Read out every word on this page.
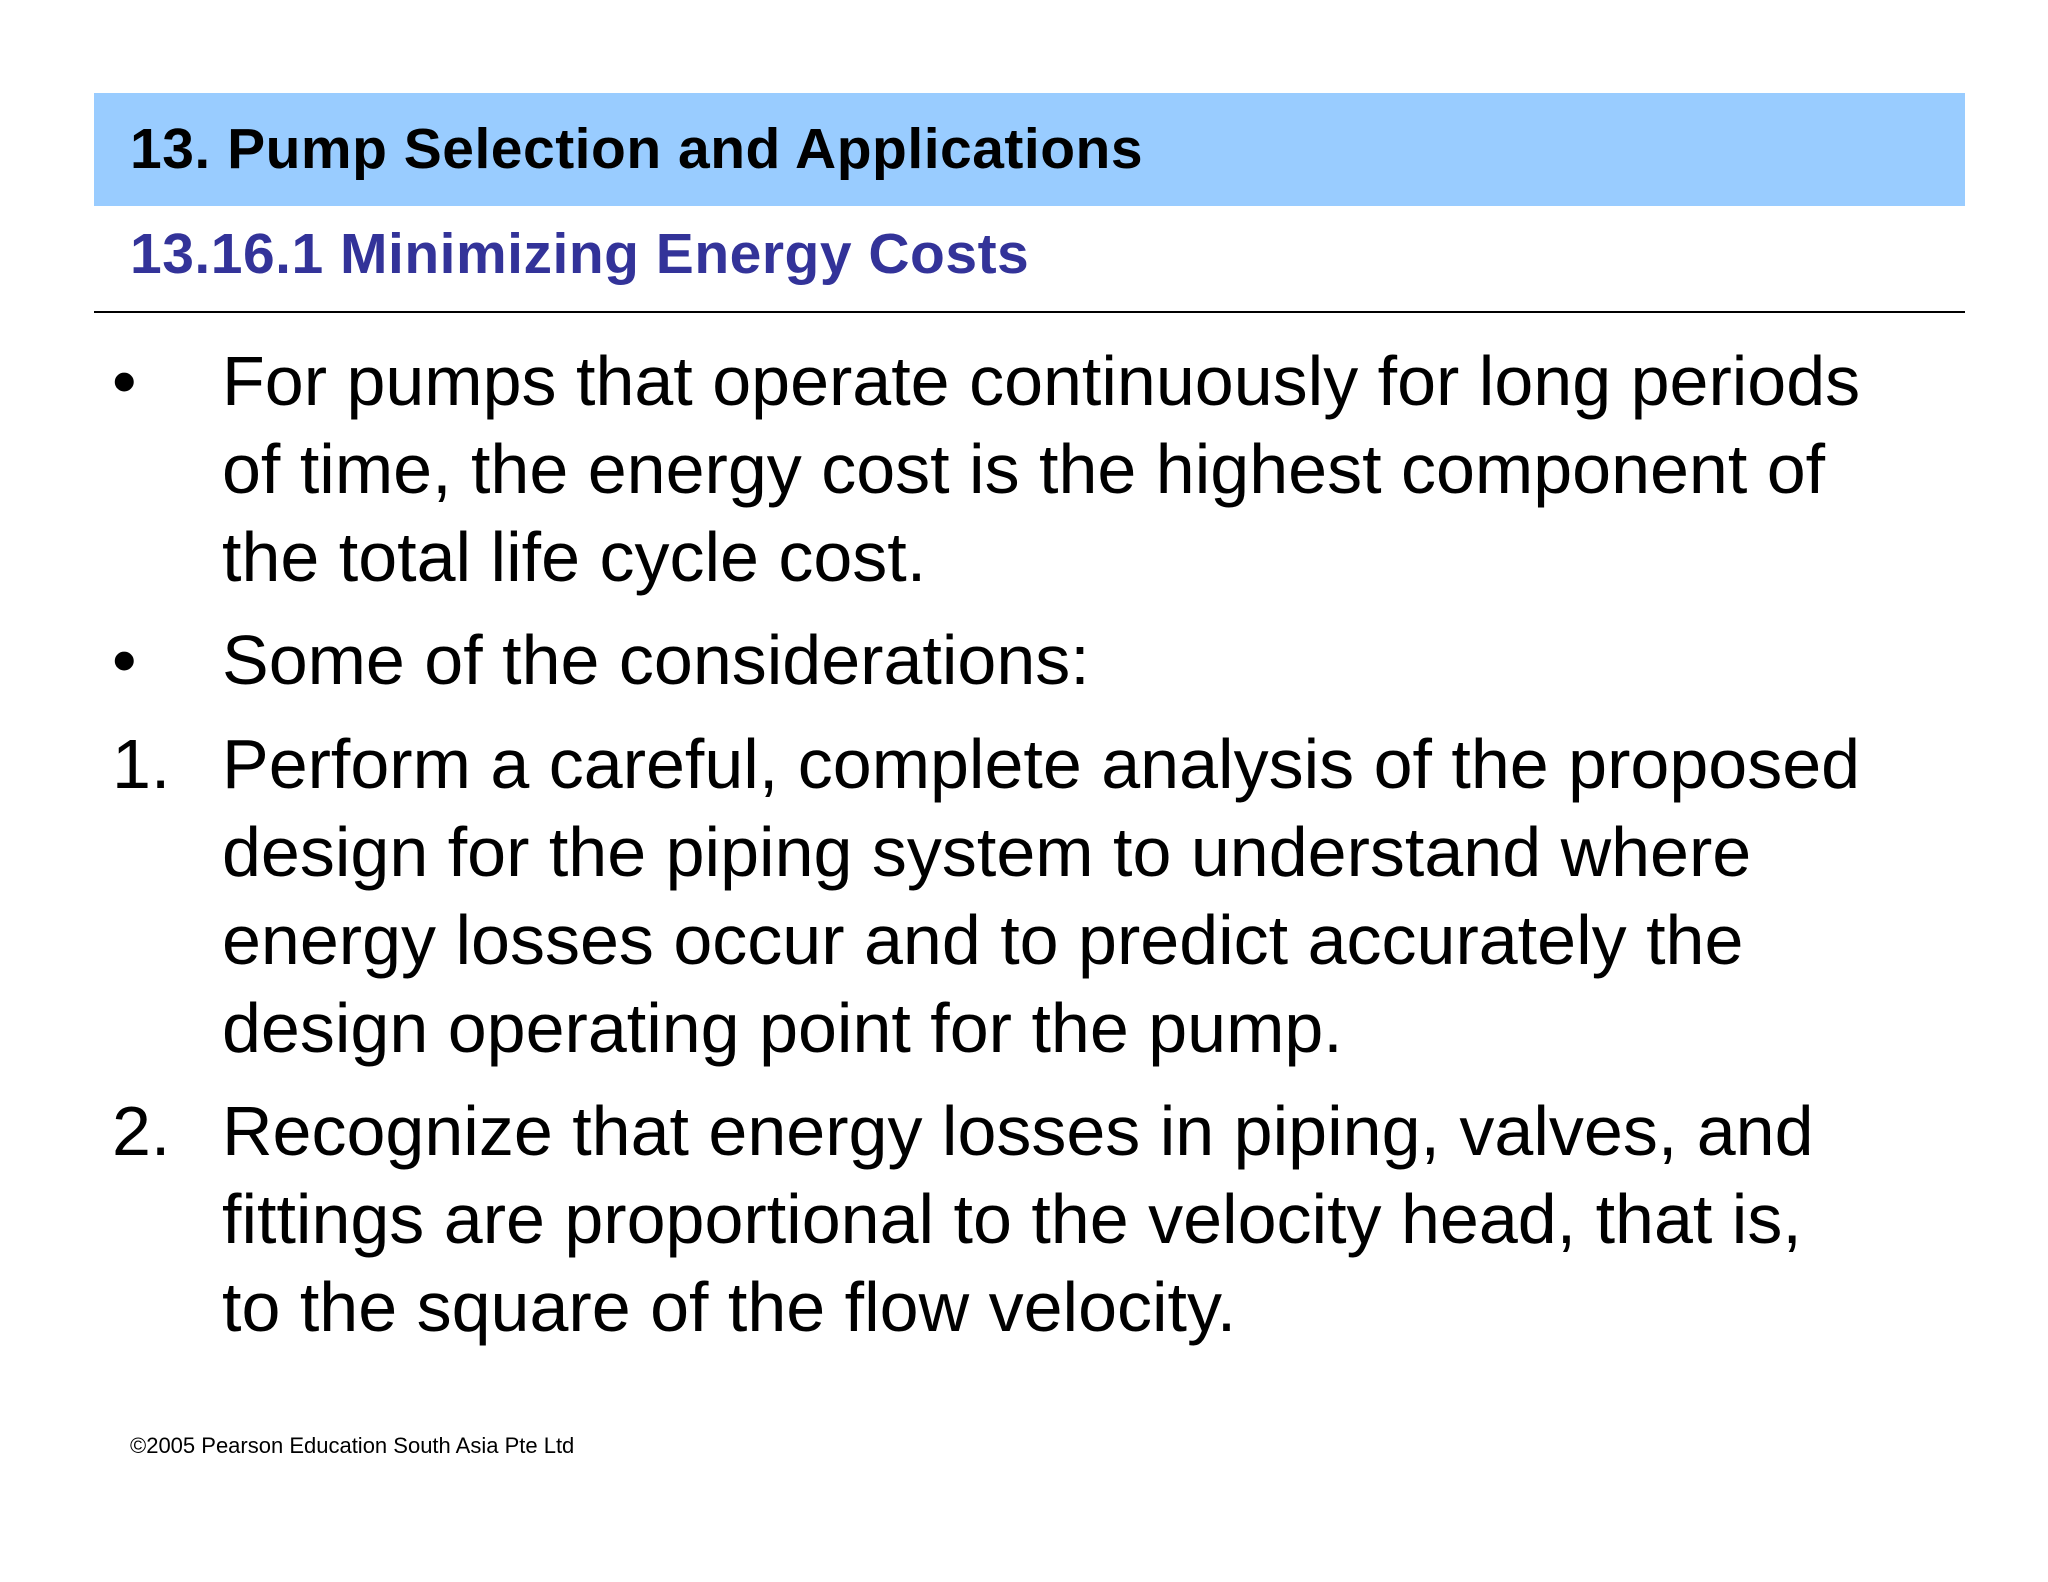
13. Pump Selection and Applications
13.16.1 Minimizing Energy Costs
• For pumps that operate continuously for long periods
of time, the energy cost is the highest component of
the total life cycle cost.
• Some of the considerations:
1. Perform a careful, complete analysis of the proposed
design for the piping system to understand where
energy losses occur and to predict accurately the
design operating point for the pump.
2. Recognize that energy losses in piping, valves, and
fittings are proportional to the velocity head, that is,
to the square of the flow velocity.
©2005 Pearson Education South Asia Pte Ltd
